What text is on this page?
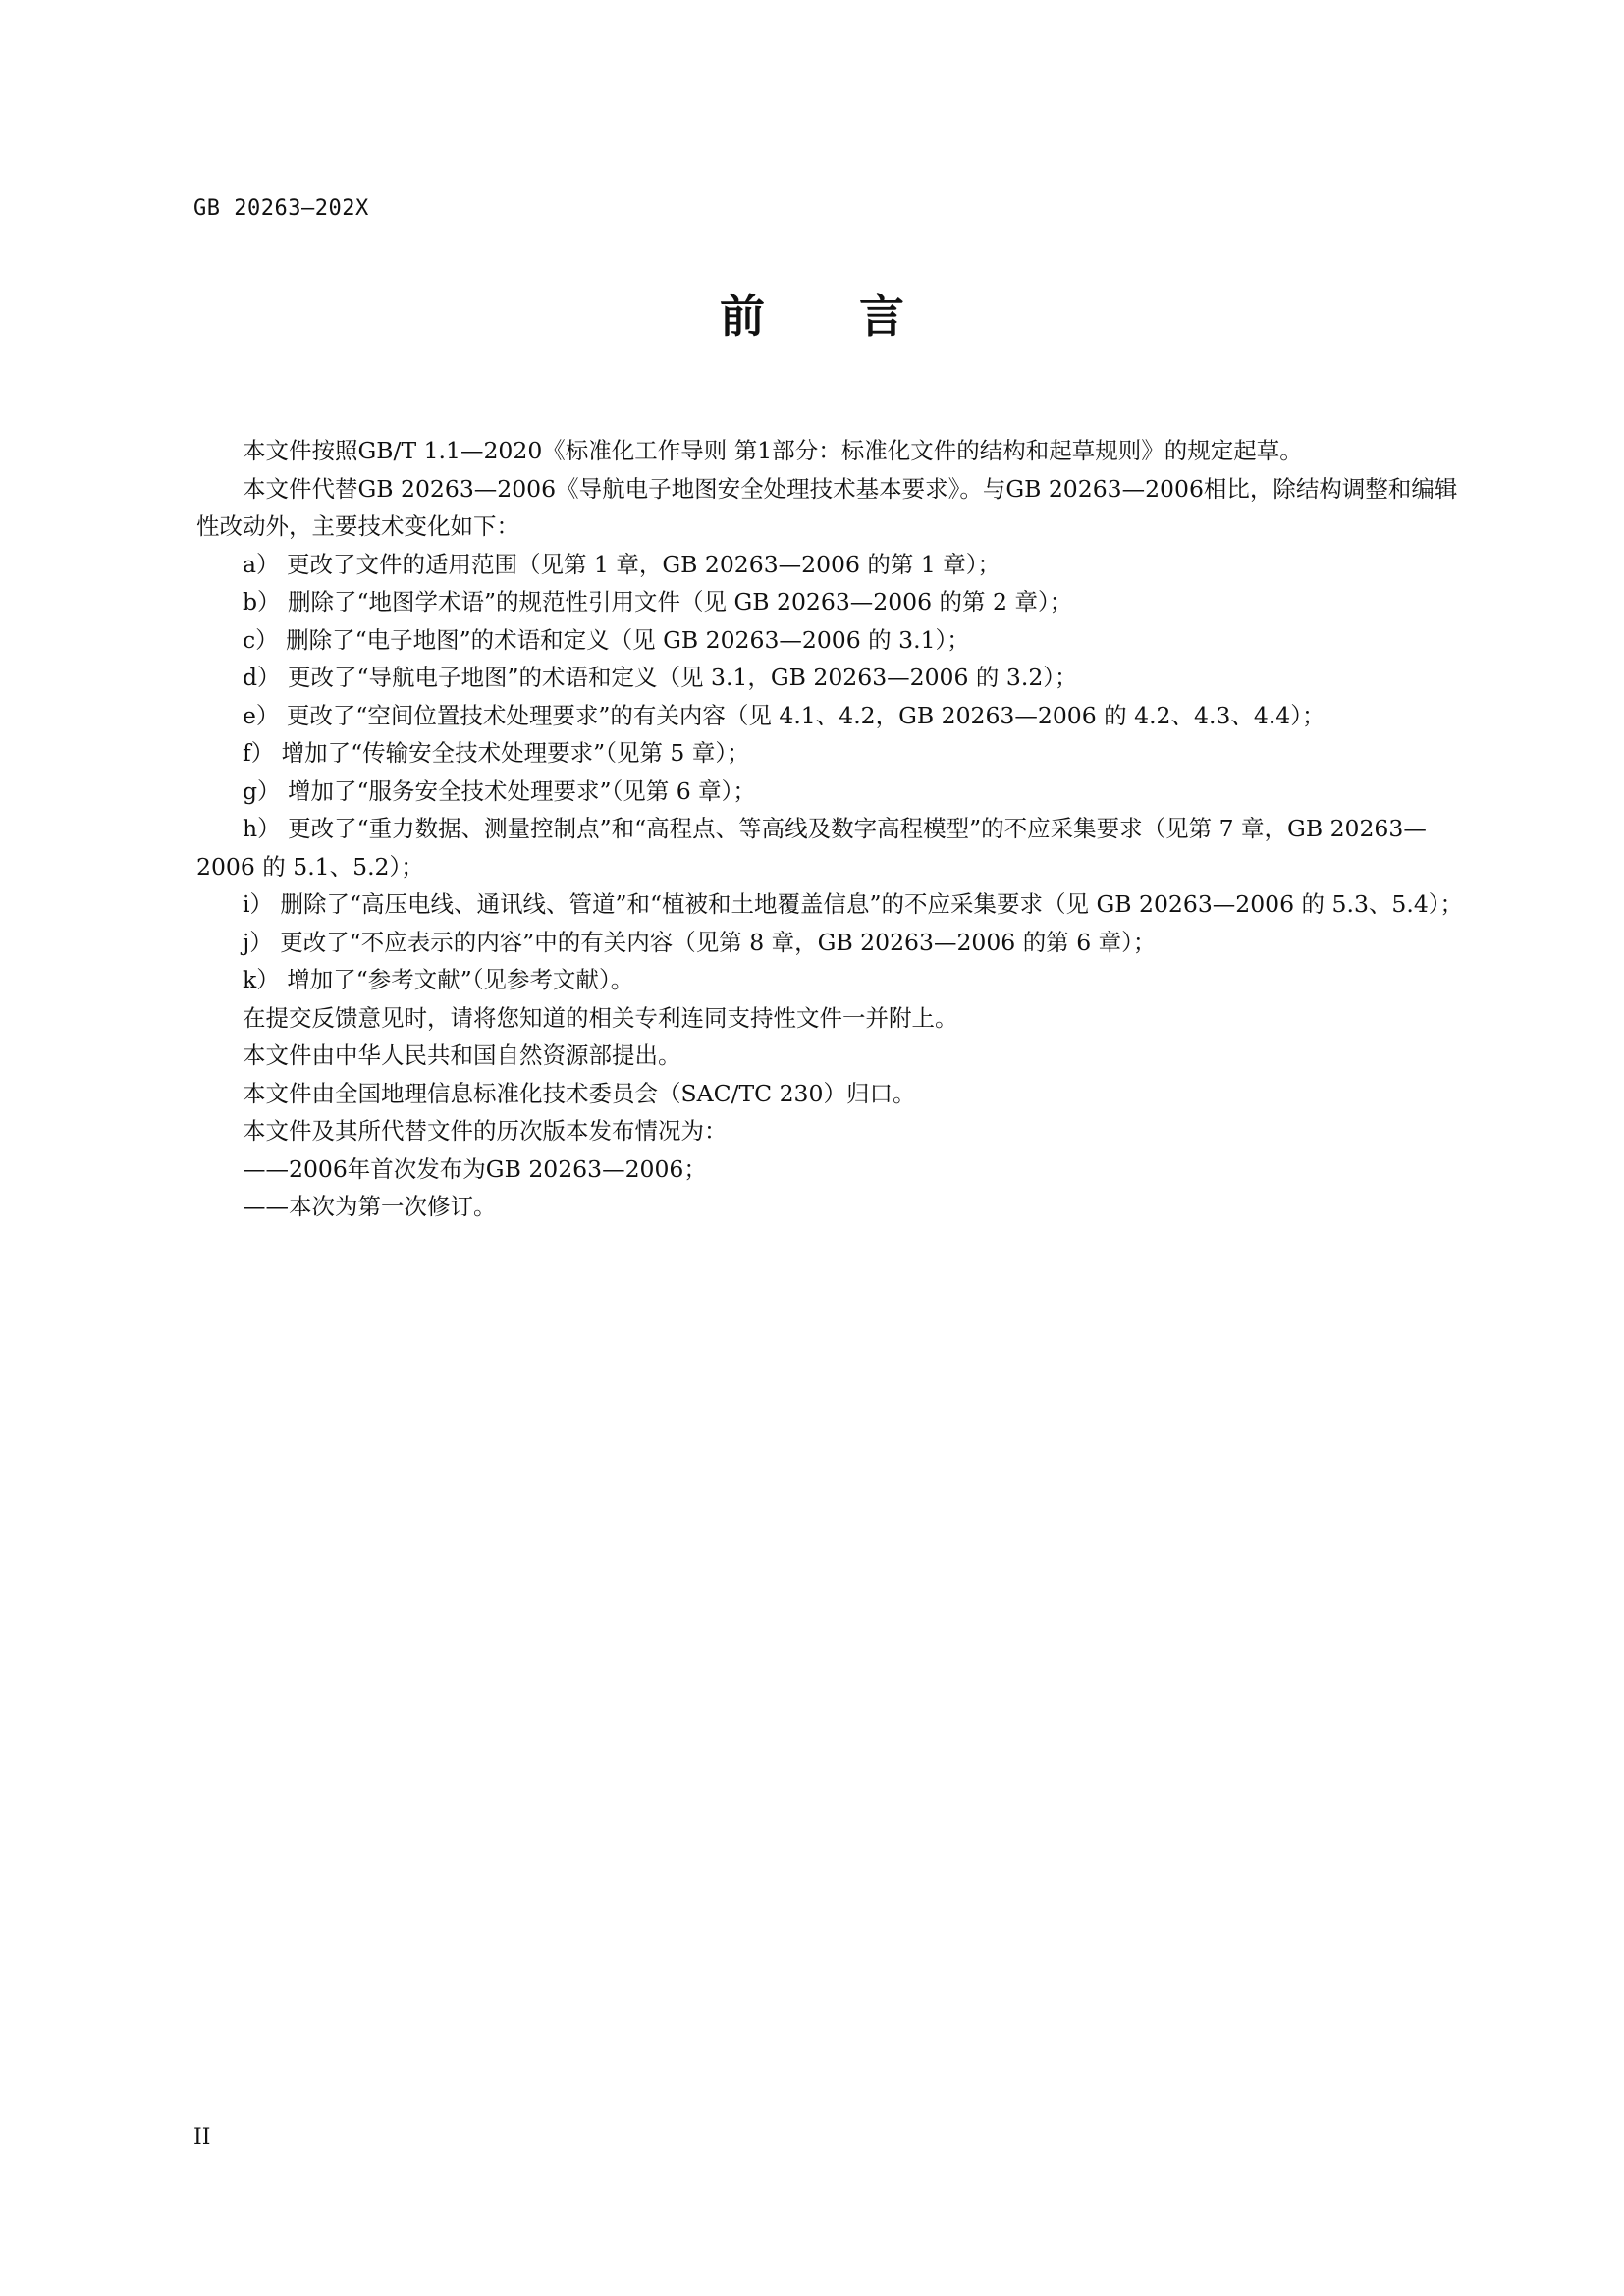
GB 20263—202X
前 言

本文件按照GB/T 1.1—2020《标准化工作导则 第1部分：标准化文件的结构和起草规则》的规定起草。

本文件代替GB 20263—2006《导航电子地图安全处理技术基本要求》。与GB 20263—2006相比，除结构调整和编辑性改动外，主要技术变化如下：

a） 更改了文件的适用范围（见第 1 章，GB 20263—2006 的第 1 章）；

b） 删除了“地图学术语”的规范性引用文件（见 GB 20263—2006 的第 2 章）；

c） 删除了“电子地图”的术语和定义（见 GB 20263—2006 的 3.1）；

d） 更改了“导航电子地图”的术语和定义（见 3.1，GB 20263—2006 的 3.2）；

e） 更改了“空间位置技术处理要求”的有关内容（见 4.1、4.2，GB 20263—2006 的 4.2、4.3、4.4）；

f） 增加了“传输安全技术处理要求”（见第 5 章）；

g） 增加了“服务安全技术处理要求”（见第 6 章）；

h） 更改了“重力数据、测量控制点”和“高程点、等高线及数字高程模型”的不应采集要求（见第 7 章，GB 20263—2006 的 5.1、5.2）；

i） 删除了“高压电线、通讯线、管道”和“植被和土地覆盖信息”的不应采集要求（见 GB 20263—2006 的 5.3、5.4）；

j） 更改了“不应表示的内容”中的有关内容（见第 8 章，GB 20263—2006 的第 6 章）；

k） 增加了“参考文献”（见参考文献）。

在提交反馈意见时，请将您知道的相关专利连同支持性文件一并附上。

本文件由中华人民共和国自然资源部提出。

本文件由全国地理信息标准化技术委员会（SAC/TC 230）归口。

本文件及其所代替文件的历次版本发布情况为：

——2006年首次发布为GB 20263—2006；

——本次为第一次修订。

II
